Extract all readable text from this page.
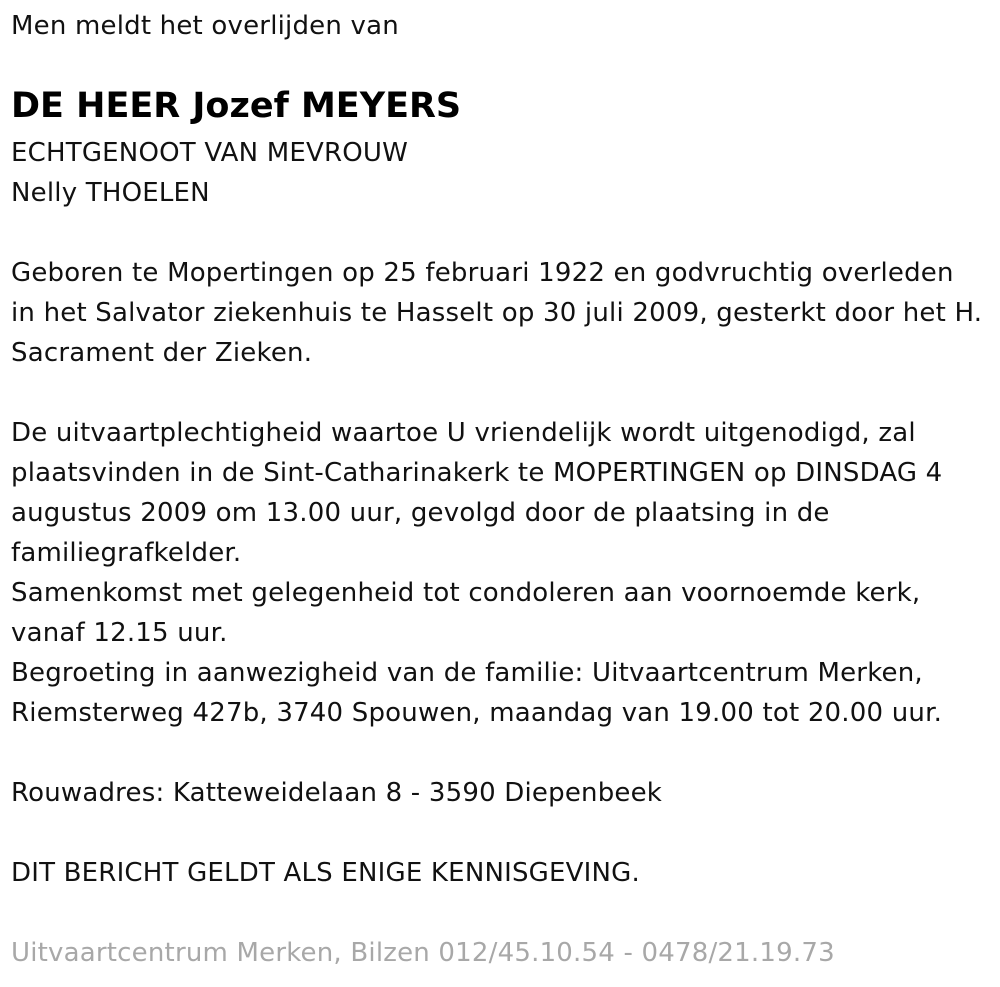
Men meldt het overlijden van
DE HEER Jozef MEYERS
ECHTGENOOT VAN MEVROUW
Nelly THOELEN
Geboren te Mopertingen op 25 februari 1922 en godvruchtig overleden
in het Salvator ziekenhuis te Hasselt op 30 juli 2009, gesterkt door het H.
Sacrament der Zieken.
De uitvaartplechtigheid waartoe U vriendelijk wordt uitgenodigd, zal
plaatsvinden in de Sint-Catharinakerk te MOPERTINGEN op DINSDAG 4
augustus 2009 om 13.00 uur, gevolgd door de plaatsing in de
familiegrafkelder.
Samenkomst met gelegenheid tot condoleren aan voornoemde kerk,
vanaf 12.15 uur.
Begroeting in aanwezigheid van de familie: Uitvaartcentrum Merken,
Riemsterweg 427b, 3740 Spouwen, maandag van 19.00 tot 20.00 uur.
Rouwadres: Katteweidelaan 8 - 3590 Diepenbeek
DIT BERICHT GELDT ALS ENIGE KENNISGEVING.
Uitvaartcentrum Merken, Bilzen 012/45.10.54 - 0478/21.19.73
